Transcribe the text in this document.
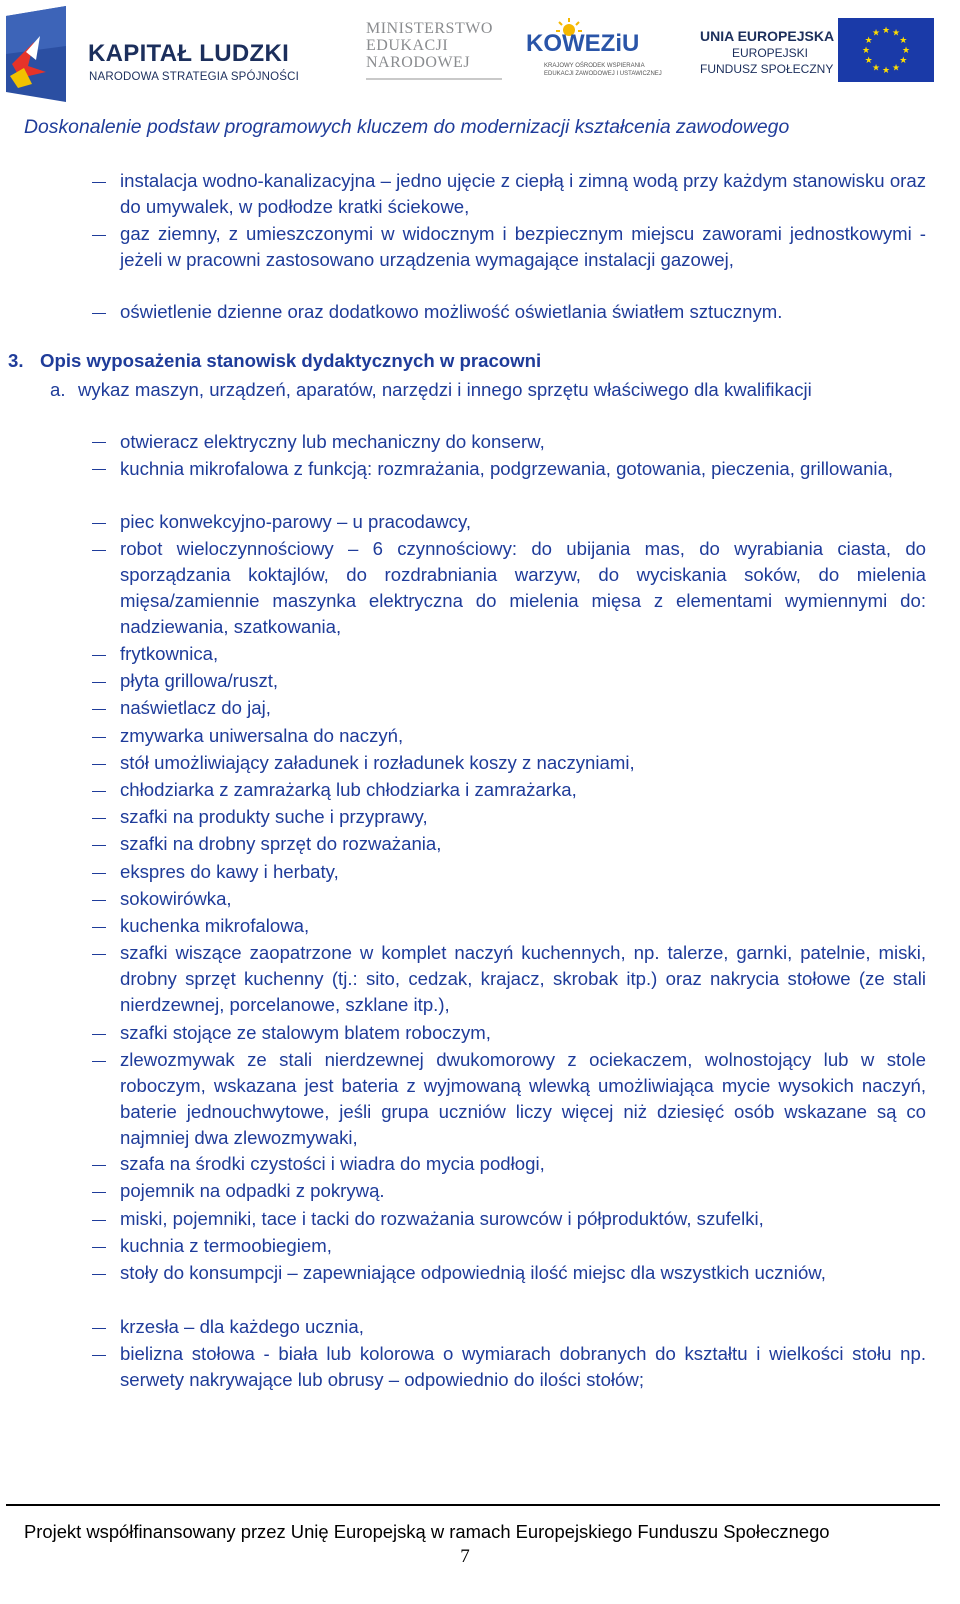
KAPITAŁ LUDZKI
NARODOWA STRATEGIA SPÓJNOŚCI
MINISTERSTWO
EDUKACJI
NARODOWEJ
KOWEZiU
KRAJOWY OŚRODEK WSPIERANIA
EDUKACJI ZAWODOWEJ I USTAWICZNEJ
UNIA EUROPEJSKA
EUROPEJSKI
FUNDUSZ SPOŁECZNY
★
★
★
★
★
★
★
★
★ ★ ★
★
Doskonalenie podstaw programowych kluczem do modernizacji kształcenia zawodowego
instalacja wodno-kanalizacyjna – jedno ujęcie z ciepłą i zimną wodą przy każdym stanowisku oraz do umywalek, w podłodze kratki ściekowe,
gaz ziemny, z umieszczonymi w widocznym i bezpiecznym miejscu zaworami jednostkowymi - jeżeli w pracowni zastosowano urządzenia wymagające instalacji gazowej,
oświetlenie dzienne oraz dodatkowo możliwość oświetlania światłem sztucznym.
3. Opis wyposażenia stanowisk dydaktycznych w pracowni
a. wykaz maszyn, urządzeń, aparatów, narzędzi i innego sprzętu właściwego dla kwalifikacji
otwieracz elektryczny lub mechaniczny do konserw,
kuchnia mikrofalowa z funkcją: rozmrażania, podgrzewania, gotowania, pieczenia, grillowania,
piec konwekcyjno-parowy – u pracodawcy,
robot wieloczynnościowy – 6 czynnościowy: do ubijania mas, do wyrabiania ciasta, do sporządzania koktajlów, do rozdrabniania warzyw, do wyciskania soków, do mielenia mięsa/zamiennie maszynka elektryczna do mielenia mięsa z elementami wymiennymi do: nadziewania, szatkowania,
frytkownica,
płyta grillowa/ruszt,
naświetlacz do jaj,
zmywarka uniwersalna do naczyń,
stół umożliwiający załadunek i rozładunek koszy z naczyniami,
chłodziarka z zamrażarką lub chłodziarka i zamrażarka,
szafki na produkty suche i przyprawy,
szafki na drobny sprzęt do rozważania,
ekspres do kawy i herbaty,
sokowirówka,
kuchenka mikrofalowa,
szafki wiszące zaopatrzone w komplet naczyń kuchennych, np. talerze, garnki, patelnie, miski, drobny sprzęt kuchenny (tj.: sito, cedzak, krajacz, skrobak itp.) oraz nakrycia stołowe (ze stali nierdzewnej, porcelanowe, szklane itp.),
szafki stojące ze stalowym blatem roboczym,
zlewozmywak ze stali nierdzewnej dwukomorowy z ociekaczem, wolnostojący lub w stole roboczym, wskazana jest bateria z wyjmowaną wlewką umożliwiająca mycie wysokich naczyń, baterie jednouchwytowe, jeśli grupa uczniów liczy więcej niż dziesięć osób wskazane są co najmniej dwa zlewozmywaki,
szafa na środki czystości i wiadra do mycia podłogi,
pojemnik na odpadki z pokrywą.
miski, pojemniki, tace i tacki do rozważania surowców i półproduktów, szufelki,
kuchnia z termoobiegiem,
stoły do konsumpcji – zapewniające odpowiednią ilość miejsc dla wszystkich uczniów,
krzesła – dla każdego ucznia,
bielizna stołowa - biała lub kolorowa o wymiarach dobranych do kształtu i wielkości stołu np. serwety nakrywające lub obrusy – odpowiednio do ilości stołów;
Projekt współfinansowany przez Unię Europejską w ramach Europejskiego Funduszu Społecznego
7
